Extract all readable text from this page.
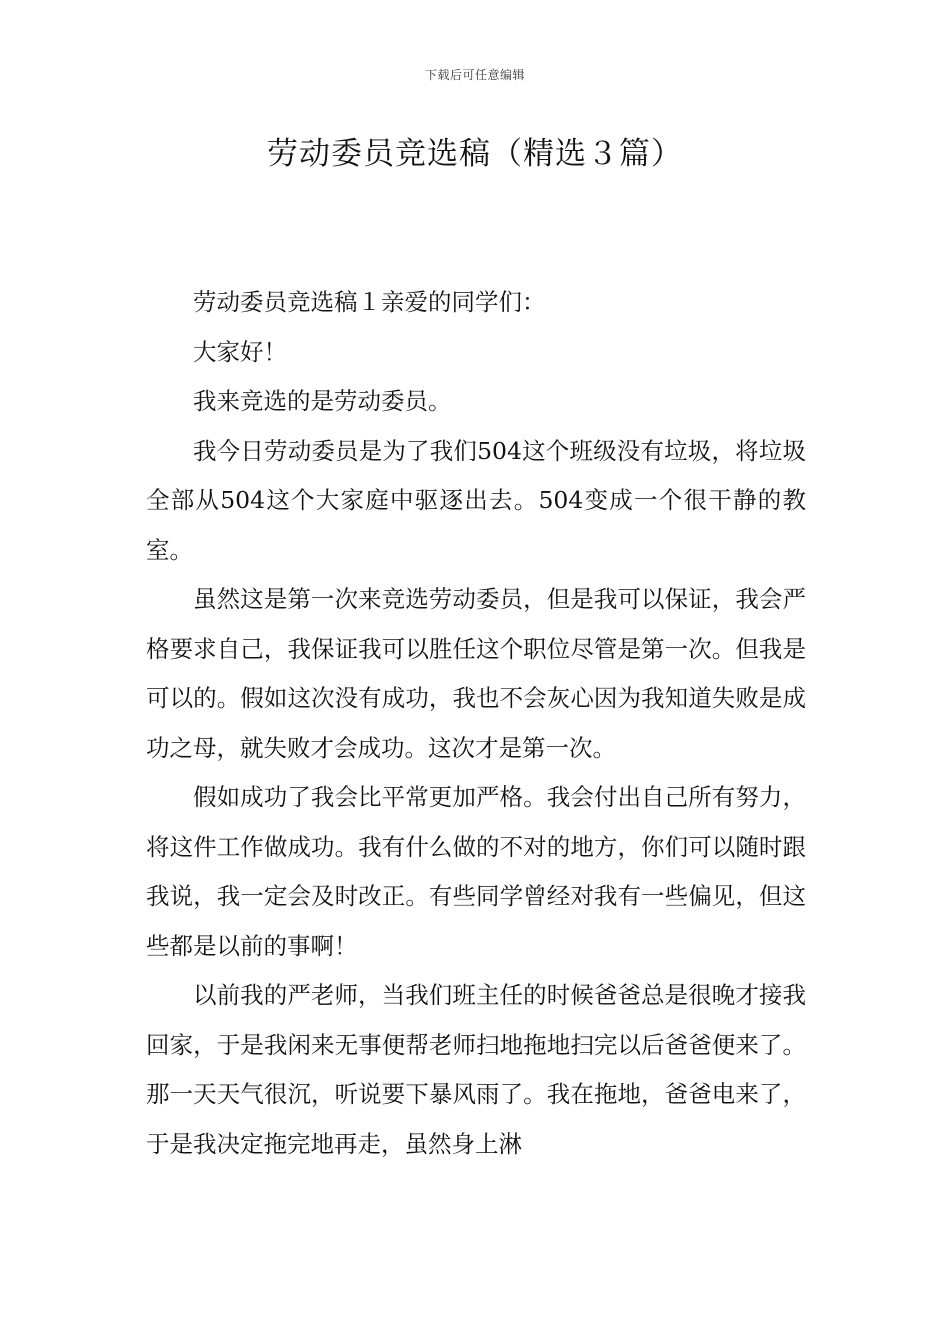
下载后可任意编辑
劳动委员竞选稿（精选３篇）

劳动委员竞选稿１亲爱的同学们：

大家好！

我来竞选的是劳动委员。

我今日劳动委员是为了我们504这个班级没有垃圾，将垃圾全部从504这个大家庭中驱逐出去。504变成一个很干静的教室。

虽然这是第一次来竞选劳动委员，但是我可以保证，我会严格要求自己，我保证我可以胜任这个职位尽管是第一次。但我是可以的。假如这次没有成功，我也不会灰心因为我知道失败是成功之母，就失败才会成功。这次才是第一次。

假如成功了我会比平常更加严格。我会付出自己所有努力，将这件工作做成功。我有什么做的不对的地方，你们可以随时跟我说，我一定会及时改正。有些同学曾经对我有一些偏见，但这些都是以前的事啊！

以前我的严老师，当我们班主任的时候爸爸总是很晚才接我回家，于是我闲来无事便帮老师扫地拖地扫完以后爸爸便来了。那一天天气很沉，听说要下暴风雨了。我在拖地，爸爸电来了，于是我决定拖完地再走，虽然身上淋
